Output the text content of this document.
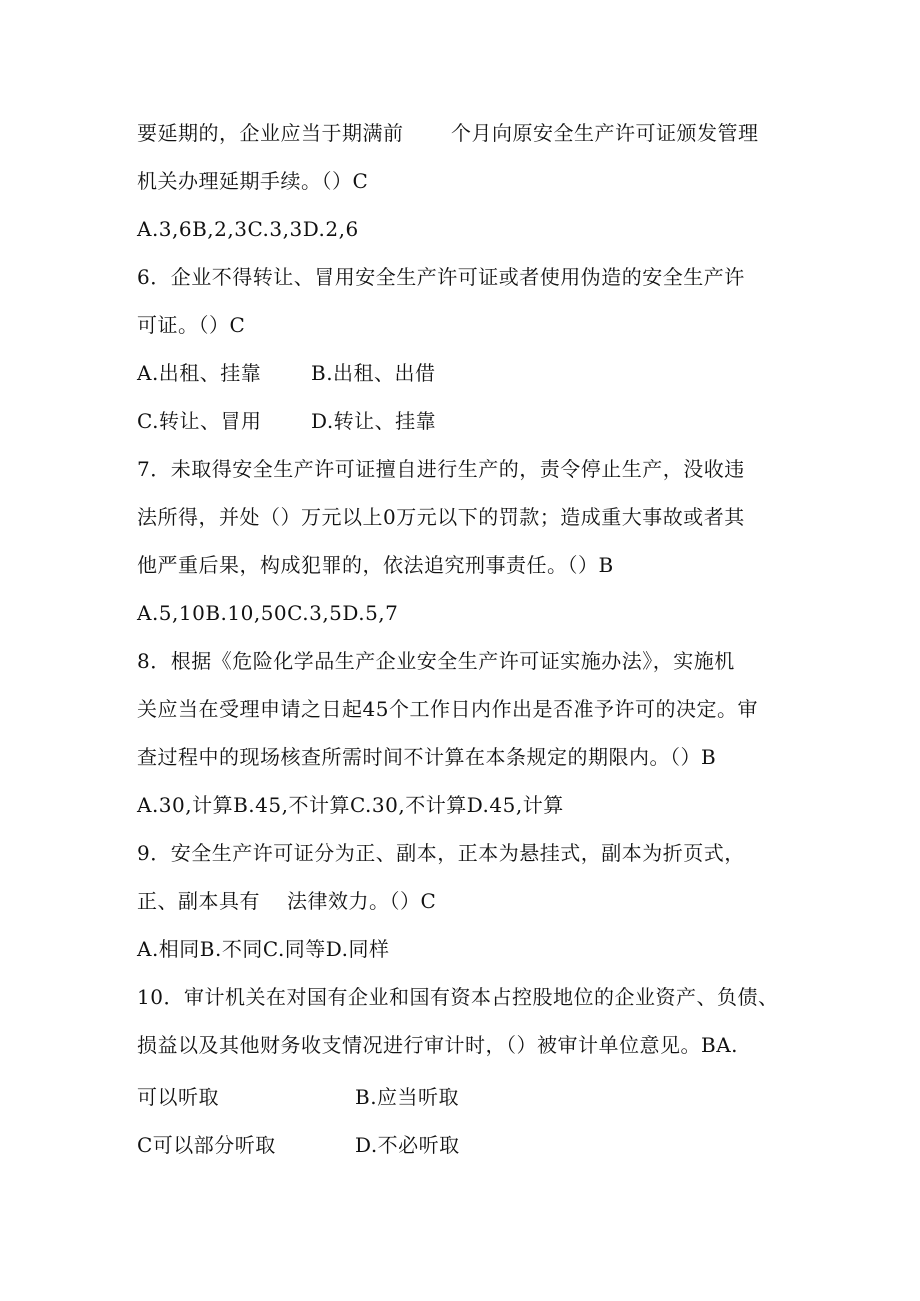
要延期的，企业应当于期满前 个月向原安全生产许可证颁发管理
机关办理延期手续。（）C
A.3,6B,2,3C.3,3D.2,6
6．企业不得转让、冒用安全生产许可证或者使用伪造的安全生产许
可证。（）C
A.出租、挂靠 B.出租、出借
C.转让、冒用 D.转让、挂靠
7．未取得安全生产许可证擅自进行生产的，责令停止生产，没收违
法所得，并处（）万元以上0万元以下的罚款；造成重大事故或者其
他严重后果，构成犯罪的，依法追究刑事责任。（）B
A.5,10B.10,50C.3,5D.5,7
8．根据《危险化学品生产企业安全生产许可证实施办法》，实施机
关应当在受理申请之日起45个工作日内作出是否准予许可的决定。审
查过程中的现场核查所需时间不计算在本条规定的期限内。（）B
A.30,计算B.45,不计算C.30,不计算D.45,计算
9．安全生产许可证分为正、副本，正本为悬挂式，副本为折页式，
正、副本具有 法律效力。（）C
A.相同B.不同C.同等D.同样
10．审计机关在对国有企业和国有资本占控股地位的企业资产、负债、
损益以及其他财务收支情况进行审计时，（）被审计单位意见。BA.
可以听取	B.应当听取
C可以部分听取	D.不必听取
